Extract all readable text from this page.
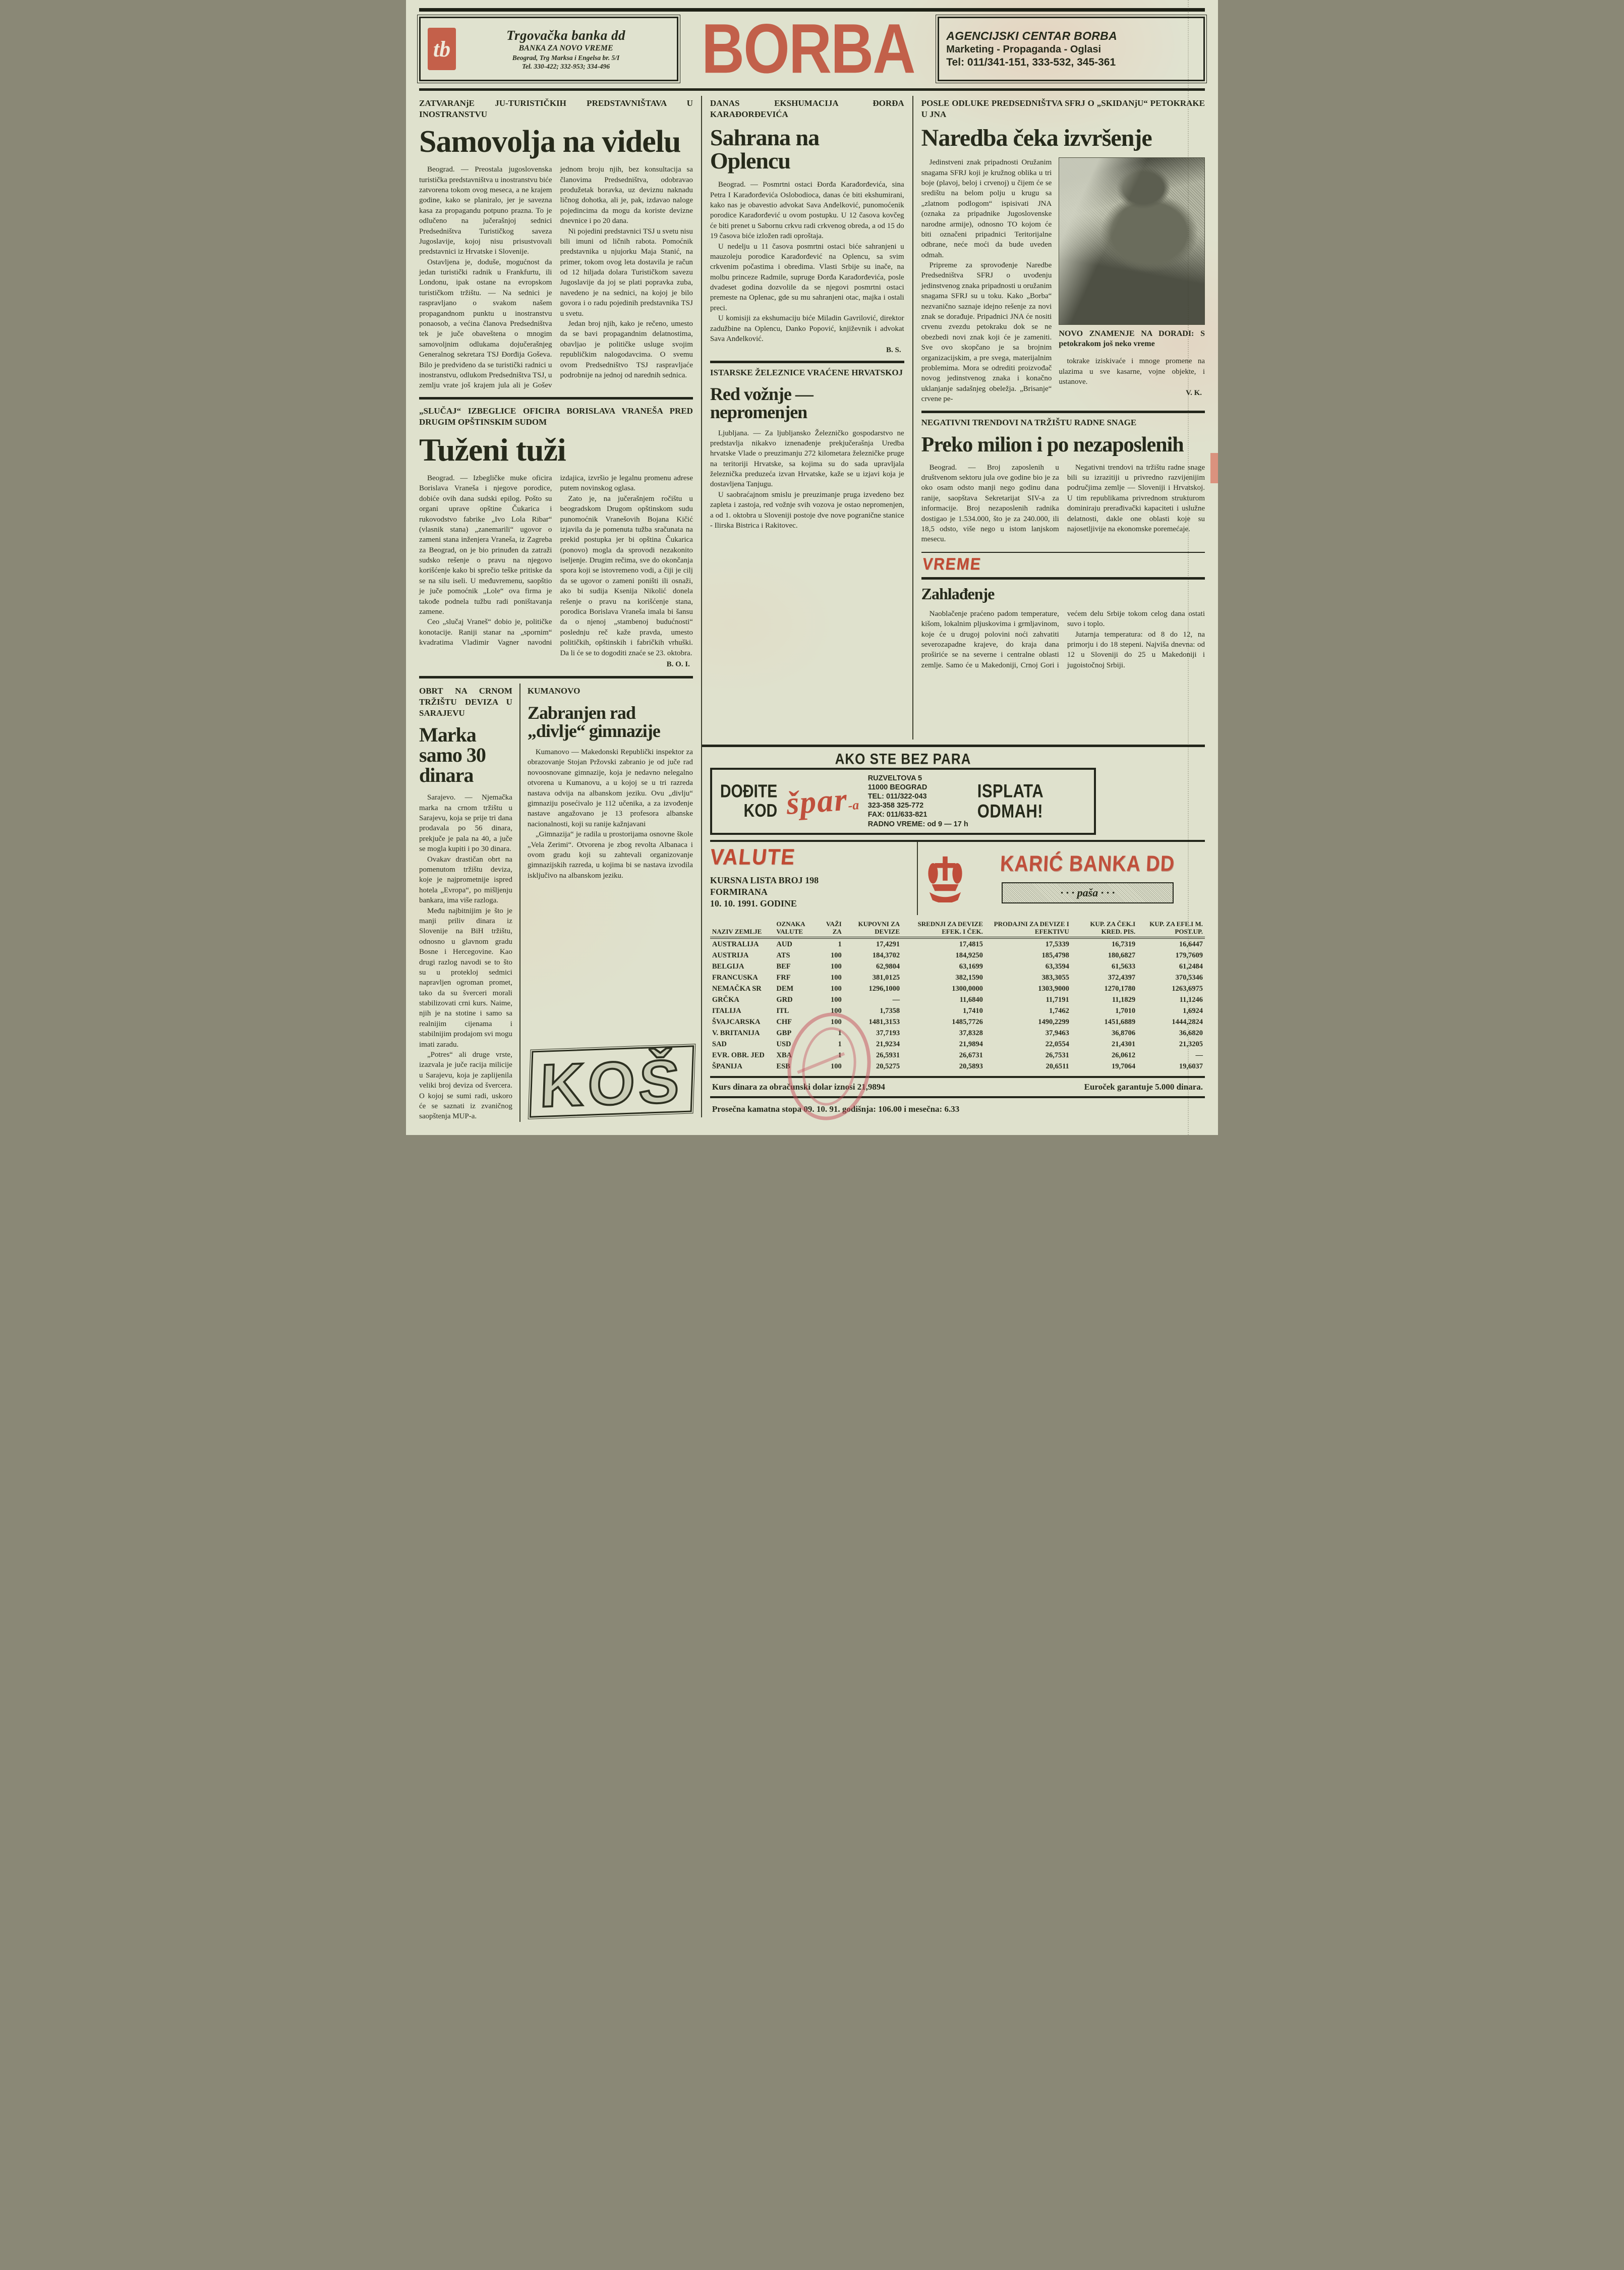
tb
Trgovačka banka dd
BANKA ZA NOVO VREME
Beograd, Trg Marksa i Engelsa br. 5/I
Tel. 330-422; 332-953; 334-496	BORBA	AGENCIJSKI CENTAR BORBA
Marketing - Propaganda - Oglasi
Tel: 011/341-151, 333-532, 345-361
ZATVARANjE JU-TURISTIČKIH PREDSTAVNIŠTAVA U INOSTRANSTVU
Samovolja na videlu

Beograd. — Preostala jugoslovenska turistička predstavništva u inostranstvu biće zatvorena tokom ovog meseca, a ne krajem godine, kako se planiralo, jer je savezna kasa za propagandu potpuno prazna. To je odlučeno na jučerašnjoj sednici Predsedništva Turističkog saveza Jugoslavije, kojoj nisu prisustvovali predstavnici iz Hrvatske i Slovenije.

Ostavljena je, doduše, mogućnost da jedan turistički radnik u Frankfurtu, ili Londonu, ipak ostane na evropskom turističkom tržištu. — Na sednici je raspravljano o svakom našem propagandnom punktu u inostranstvu ponaosob, a većina članova Predsedništva tek je juče obaveštena o mnogim samovoljnim odlukama dojučerašnjeg Generalnog sekretara TSJ Đorđija Goševa. Bilo je predviđeno da se turistički radnici u inostranstvu, odlukom Predsedništva TSJ, u zemlju vrate još krajem jula ali je Gošev jednom broju njih, bez konsultacija sa članovima Predsedništva, odobravao produžetak boravka, uz deviznu naknadu ličnog dohotka, ali je, pak, izdavao naloge pojedincima da mogu da koriste devizne dnevnice i po 20 dana.

Ni pojedini predstavnici TSJ u svetu nisu bili imuni od ličnih rabota. Pomoćnik predstavnika u njujorku Maja Stanić, na primer, tokom ovog leta dostavila je račun od 12 hiljada dolara Turističkom savezu Jugoslavije da joj se plati popravka zuba, navedeno je na sednici, na kojoj je bilo govora i o radu pojedinih predstavnika TSJ u svetu.

Jedan broj njih, kako je rečeno, umesto da se bavi propagandnim delatnostima, obavljao je političke usluge svojim republičkim nalogodavcima. O svemu ovom Predsedništvo TSJ raspravljaće podrobnije na jednoj od narednih sednica.

„SLUČAJ“ IZBEGLICE OFICIRA BORISLAVA VRANEŠA PRED DRUGIM OPŠTINSKIM SUDOM
Tuženi tuži

Beograd. — Izbegličke muke oficira Borislava Vraneša i njegove porodice, dobiće ovih dana sudski epilog. Pošto su organi uprave opštine Čukarica i rukovodstvo fabrike „Ivo Lola Ribar“ (vlasnik stana) „zanemarili“ ugovor o zameni stana inženjera Vraneša, iz Zagreba za Beograd, on je bio prinuđen da zatraži sudsko rešenje o pravu na njegovo korišćenje kako bi sprečio teške pritiske da se na silu iseli. U međuvremenu, saopštio je juče pomoćnik „Lole“ ova firma je takođe podnela tužbu radi poništavanja zamene.

Ceo „slučaj Vraneš“ dobio je, političke konotacije. Raniji stanar na „spornim“ kvadratima Vladimir Vagner navodni izdajica, izvršio je legalnu promenu adrese putem novinskog oglasa.

Zato je, na jučerašnjem ročištu u beogradskom Drugom opštinskom sudu punomoćnik Vranešovih Bojana Kičić izjavila da je pomenuta tužba sračunata na prekid postupka jer bi opština Čukarica (ponovo) mogla da sprovodi nezakonito iseljenje. Drugim rečima, sve do okončanja spora koji se istovremeno vodi, a čiji je cilj da se ugovor o zameni poništi ili osnaži, ako bi sudija Ksenija Nikolić donela rešenje o pravu na korišćenje stana, porodica Borislava Vraneša imala bi šansu da o njenoj „stambenoj budućnosti“ poslednju reč kaže pravda, umesto političkih, opštinskih i fabričkih vrhuški. Da li će se to dogoditi znaće se 23. oktobra.

B. O. I.
OBRT NA CRNOM TRŽIŠTU DEVIZA U SARAJEVU
Marka samo 30 dinara

Sarajevo. — Njemačka marka na crnom tržištu u Sarajevu, koja se prije tri dana prodavala po 56 dinara, prekjuče je pala na 40, a juče se mogla kupiti i po 30 dinara.

Ovakav drastičan obrt na pomenutom tržištu deviza, koje je najprometnije ispred hotela „Evropa“, po mišljenju bankara, ima više razloga.

Među najbitnijim je što je manji priliv dinara iz Slovenije na BiH tržištu, odnosno u glavnom gradu Bosne i Hercegovine. Kao drugi razlog navodi se to što su u protekloj sedmici napravljen ogroman promet, tako da su šverceri morali stabilizovati crni kurs. Naime, njih je na stotine i samo sa realnijim cijenama i stabilnijim prodajom svi mogu imati zaradu.

„Potres“ ali druge vrste, izazvala je juče racija milicije u Sarajevu, koja je zaplijenila veliki broj deviza od švercera. O kojoj se sumi radi, uskoro će se saznati iz zvaničnog saopštenja MUP-a.

KUMANOVO
Zabranjen rad „divlje“ gimnazije

Kumanovo — Makedonski Republički inspektor za obrazovanje Stojan Pržovski zabranio je od juče rad novoosnovane gimnazije, koja je nedavno nelegalno otvorena u Kumanovu, a u kojoj se u tri razreda nastava odvija na albanskom jeziku. Ovu „divlju“ gimnaziju posećivalo je 112 učenika, a za izvođenje nastave angažovano je 13 profesora albanske nacionalnosti, koji su ranije kažnjavani

„Gimnazija“ je radila u prostorijama osnovne škole „Vela Zerimi“. Otvorena je zbog revolta Albanaca i ovom gradu koji su zahtevali organizovanje gimnazijskih razreda, u kojima bi se nastava izvodila isključivo na albanskom jeziku.

KOŠ
DANAS EKSHUMACIJA ĐORĐA KARAĐORĐEVIĆA
Sahrana na Oplencu

Beograd. — Posmrtni ostaci Đorđa Karađorđevića, sina Petra I Karađorđevića Oslobodioca, danas će biti ekshumirani, kako nas je obavestio advokat Sava Anđelković, punomoćenik porodice Karađorđević u ovom postupku. U 12 časova kovčeg će biti prenet u Sabornu crkvu radi crkvenog obreda, a od 15 do 19 časova biće izložen radi oproštaja.

U nedelju u 11 časova posmrtni ostaci biće sahranjeni u mauzoleju porodice Karađorđević na Oplencu, sa svim crkvenim počastima i obredima. Vlasti Srbije su inače, na molbu princeze Radmile, supruge Đorđa Karađorđevića, posle dvadeset godina dozvolile da se njegovi posmrtni ostaci premeste na Oplenac, gde su mu sahranjeni otac, majka i ostali preci.

U komisiji za ekshumaciju biće Miladin Gavrilović, direktor zadužbine na Oplencu, Danko Popović, književnik i advokat Sava Anđelković.

B. S.
ISTARSKE ŽELEZNICE VRAĆENE HRVATSKOJ
Red vožnje — nepromenjen

Ljubljana. — Za ljubljansko Železničko gospodarstvo ne predstavlja nikakvo iznenađenje prekjučerašnja Uredba hrvatske Vlade o preuzimanju 272 kilometara železničke pruge na teritoriji Hrvatske, sa kojima su do sada upravljala železnička preduzeća izvan Hrvatske, kaže se u izjavi koja je dostavljena Tanjugu.

U saobraćajnom smislu je preuzimanje pruga izvedeno bez zapleta i zastoja, red vožnje svih vozova je ostao nepromenjen, a od 1. oktobra u Sloveniji postoje dve nove pogranične stanice - Ilirska Bistrica i Rakitovec.

POSLE ODLUKE PREDSEDNIŠTVA SFRJ O „SKIDANjU“ PETOKRAKE U JNA
Naredba čeka izvršenje

Jedinstveni znak pripadnosti Oružanim snagama SFRJ koji je kružnog oblika u tri boje (plavoj, beloj i crvenoj) u čijem će se središtu na belom polju u krugu sa „zlatnom podlogom“ ispisivati JNA (oznaka za pripadnike Jugoslovenske narodne armije), odnosno TO kojom će biti označeni pripadnici Teritorijalne odbrane, neće moći da bude uveden odmah.

Pripreme za sprovođenje Naredbe Predsedništva SFRJ o uvođenju jedinstvenog znaka pripadnosti u oružanim snagama SFRJ su u toku. Kako „Borba“ nezvanično saznaje idejno rešenje za novi znak se dorađuje. Pripadnici JNA će nositi crvenu zvezdu petokraku dok se ne obezbedi novi znak koji će je zameniti. Sve ovo skopčano je sa brojnim organizacijskim, a pre svega, materijalnim problemima. Mora se odrediti proizvođač novog jedinstvenog znaka i konačno uklanjanje sadašnjeg obeležja. „Brisanje“ crvene pe-

NOVO ZNAMENJE NA DORADI: S petokrakom još neko vreme

tokrake iziskivaće i mnoge promene na ulazima u sve kasarne, vojne objekte, i ustanove.

V. K.
NEGATIVNI TRENDOVI NA TRŽIŠTU RADNE SNAGE
Preko milion i po nezaposlenih

Beograd. — Broj zaposlenih u društvenom sektoru jula ove godine bio je za oko osam odsto manji nego godinu dana ranije, saopštava Sekretarijat SIV-a za informacije. Broj nezaposlenih radnika dostigao je 1.534.000, što je za 240.000, ili 18,5 odsto, više nego u istom lanjskom mesecu.

Negativni trendovi na tržištu radne snage bili su izrazitiji u privredno razvijenijim područjima zemlje — Sloveniji i Hrvatskoj. U tim republikama privrednom strukturom dominiraju prerađivački kapaciteti i uslužne delatnosti, dakle one oblasti koje su najosetljivije na ekonomske poremećaje.

VREME
Zahlađenje

Naoblačenje praćeno padom temperature, kišom, lokalnim pljuskovima i grmljavinom, koje će u drugoj polovini noći zahvatiti severozapadne krajeve, do kraja dana proširiće se na severne i centralne oblasti zemlje. Samo će u Makedoniji, Crnoj Gori i većem delu Srbije tokom celog dana ostati suvo i toplo.

Jutarnja temperatura: od 8 do 12, na primorju i do 18 stepeni. Najviša dnevna: od 12 u Sloveniji do 25 u Makedoniji i jugoistočnoj Srbiji.

AKO STE BEZ PARA
DOĐITE
KOD špar-a
RUZVELTOVA 5
11000 BEOGRAD
TEL: 011/322-043
323-358 325-772
FAX: 011/633-821
RADNO VREME: od 9 — 17 h
ISPLATA
ODMAH!
VALUTE
KURSNA LISTA BROJ 198
FORMIRANA
10. 10. 1991. GODINE
KARIĆ BANKA DD
· · · paša · · ·
NAZIV ZEMLJE	OZNAKA VALUTE	VAŽI ZA	KUPOVNI ZA DEVIZE	SREDNJI ZA DEVIZE EFEK. I ČEK.	PRODAJNI ZA DEVIZE I EFEKTIVU	KUP. ZA ČEK.I KRED. PIS.	KUP. ZA EFE.I M. POST.UP.
AUSTRALIJA	AUD	1	17,4291	17,4815	17,5339	16,7319	16,6447
AUSTRIJA	ATS	100	184,3702	184,9250	185,4798	180,6827	179,7609
BELGIJA	BEF	100	62,9804	63,1699	63,3594	61,5633	61,2484
FRANCUSKA	FRF	100	381,0125	382,1590	383,3055	372,4397	370,5346
NEMAČKA SR	DEM	100	1296,1000	1300,0000	1303,9000	1270,1780	1263,6975
GRČKA	GRD	100	—	11,6840	11,7191	11,1829	11,1246
ITALIJA	ITL	100	1,7358	1,7410	1,7462	1,7010	1,6924
ŠVAJCARSKA	CHF	100	1481,3153	1485,7726	1490,2299	1451,6889	1444,2824
V. BRITANIJA	GBP	1	37,7193	37,8328	37,9463	36,8706	36,6820
SAD	USD	1	21,9234	21,9894	22,0554	21,4301	21,3205
EVR. OBR. JED	XBA	1	26,5931	26,6731	26,7531	26,0612	—
ŠPANIJA	ESB	100	20,5275	20,5893	20,6511	19,7064	19,6037
Kurs dinara za obračunski dolar iznosi 21,9894	Euroček garantuje 5.000 dinara.
Prosečna kamatna stopa 09. 10. 91. godišnja: 106.00 i mesečna: 6.33
